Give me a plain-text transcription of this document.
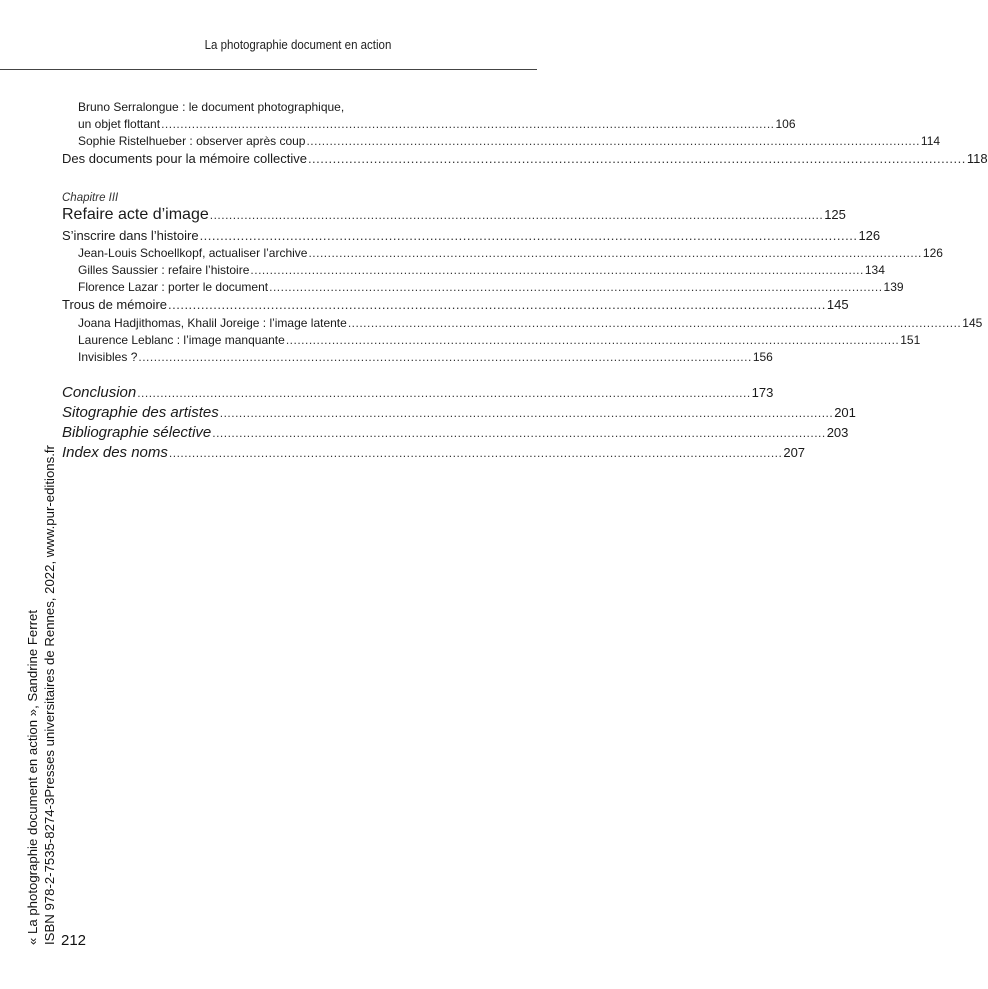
La photographie document en action
Bruno Serralongue : le document photographique,
un objet flottant ................................................................................................................................................................ 106
Sophie Ristelhueber : observer après coup ................................................................................................................................................................ 114
Des documents pour la mémoire collective ................................................................................................................................................................ 118
Chapitre III
Refaire acte d’image ................................................................................................................................................................ 125
S’inscrire dans l’histoire ................................................................................................................................................................ 126
Jean-Louis Schoellkopf, actualiser l’archive ................................................................................................................................................................ 126
Gilles Saussier : refaire l’histoire ................................................................................................................................................................ 134
Florence Lazar : porter le document ................................................................................................................................................................ 139
Trous de mémoire ................................................................................................................................................................ 145
Joana Hadjithomas, Khalil Joreige : l’image latente ................................................................................................................................................................ 145
Laurence Leblanc : l’image manquante ................................................................................................................................................................ 151
Invisibles ? ................................................................................................................................................................ 156
Conclusion ................................................................................................................................................................ 173
Sitographie des artistes ................................................................................................................................................................ 201
Bibliographie sélective ................................................................................................................................................................ 203
Index des noms ................................................................................................................................................................ 207
« La photographie document en action », Sandrine Ferret ISBN 978-2-7535-8274-3Presses universitaires de Rennes, 2022, www.pur-editions.fr 212
